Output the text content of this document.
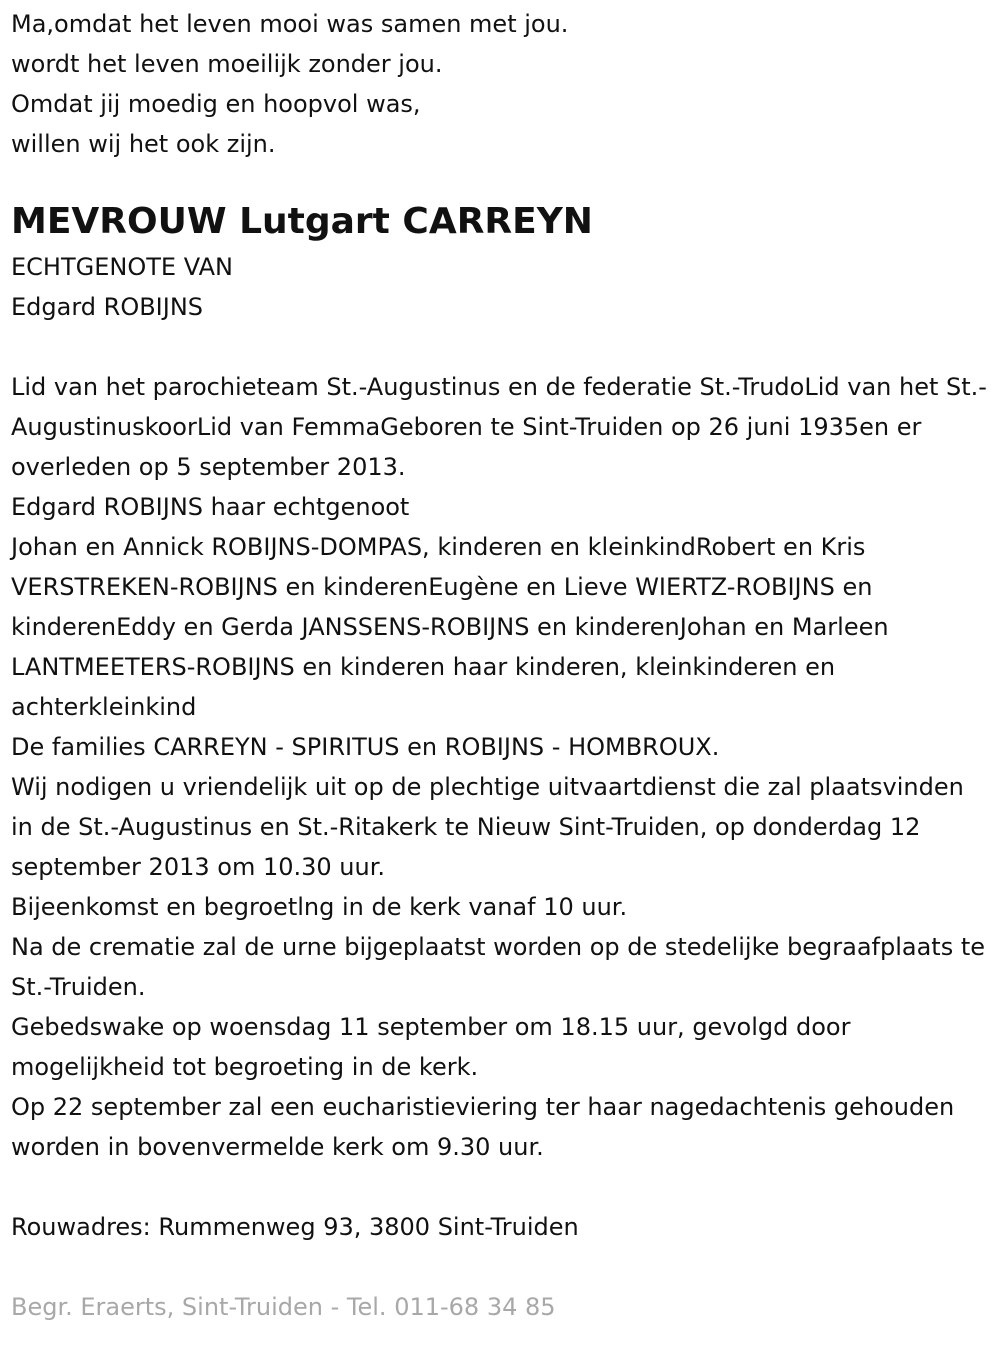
Ma,omdat het leven mooi was samen met jou.

wordt het leven moeilijk zonder jou.

Omdat jij moedig en hoopvol was,

willen wij het ook zijn.

MEVROUW Lutgart CARREYN

ECHTGENOTE VAN

Edgard ROBIJNS

Lid van het parochieteam St.-Augustinus en de federatie St.-TrudoLid van het St.-AugustinuskoorLid van FemmaGeboren te Sint-Truiden op 26 juni 1935en er overleden op 5 september 2013.

Edgard ROBIJNS haar echtgenoot

Johan en Annick ROBIJNS-DOMPAS, kinderen en kleinkindRobert en Kris VERSTREKEN-ROBIJNS en kinderenEugène en Lieve WIERTZ-ROBIJNS en kinderenEddy en Gerda JANSSENS-ROBIJNS en kinderenJohan en Marleen LANTMEETERS-ROBIJNS en kinderen haar kinderen, kleinkinderen en achterkleinkind

De families CARREYN - SPIRITUS en ROBIJNS - HOMBROUX.

Wij nodigen u vriendelijk uit op de plechtige uitvaartdienst die zal plaatsvinden in de St.-Augustinus en St.-Ritakerk te Nieuw Sint-Truiden, op donderdag 12 september 2013 om 10.30 uur.

Bijeenkomst en begroetlng in de kerk vanaf 10 uur.

Na de crematie zal de urne bijgeplaatst worden op de stedelijke begraafplaats te St.-Truiden.

Gebedswake op woensdag 11 september om 18.15 uur, gevolgd door mogelijkheid tot begroeting in de kerk.

Op 22 september zal een eucharistieviering ter haar nagedachtenis gehouden worden in bovenvermelde kerk om 9.30 uur.

Rouwadres: Rummenweg 93, 3800 Sint-Truiden

Begr. Eraerts, Sint-Truiden - Tel. 011-68 34 85
